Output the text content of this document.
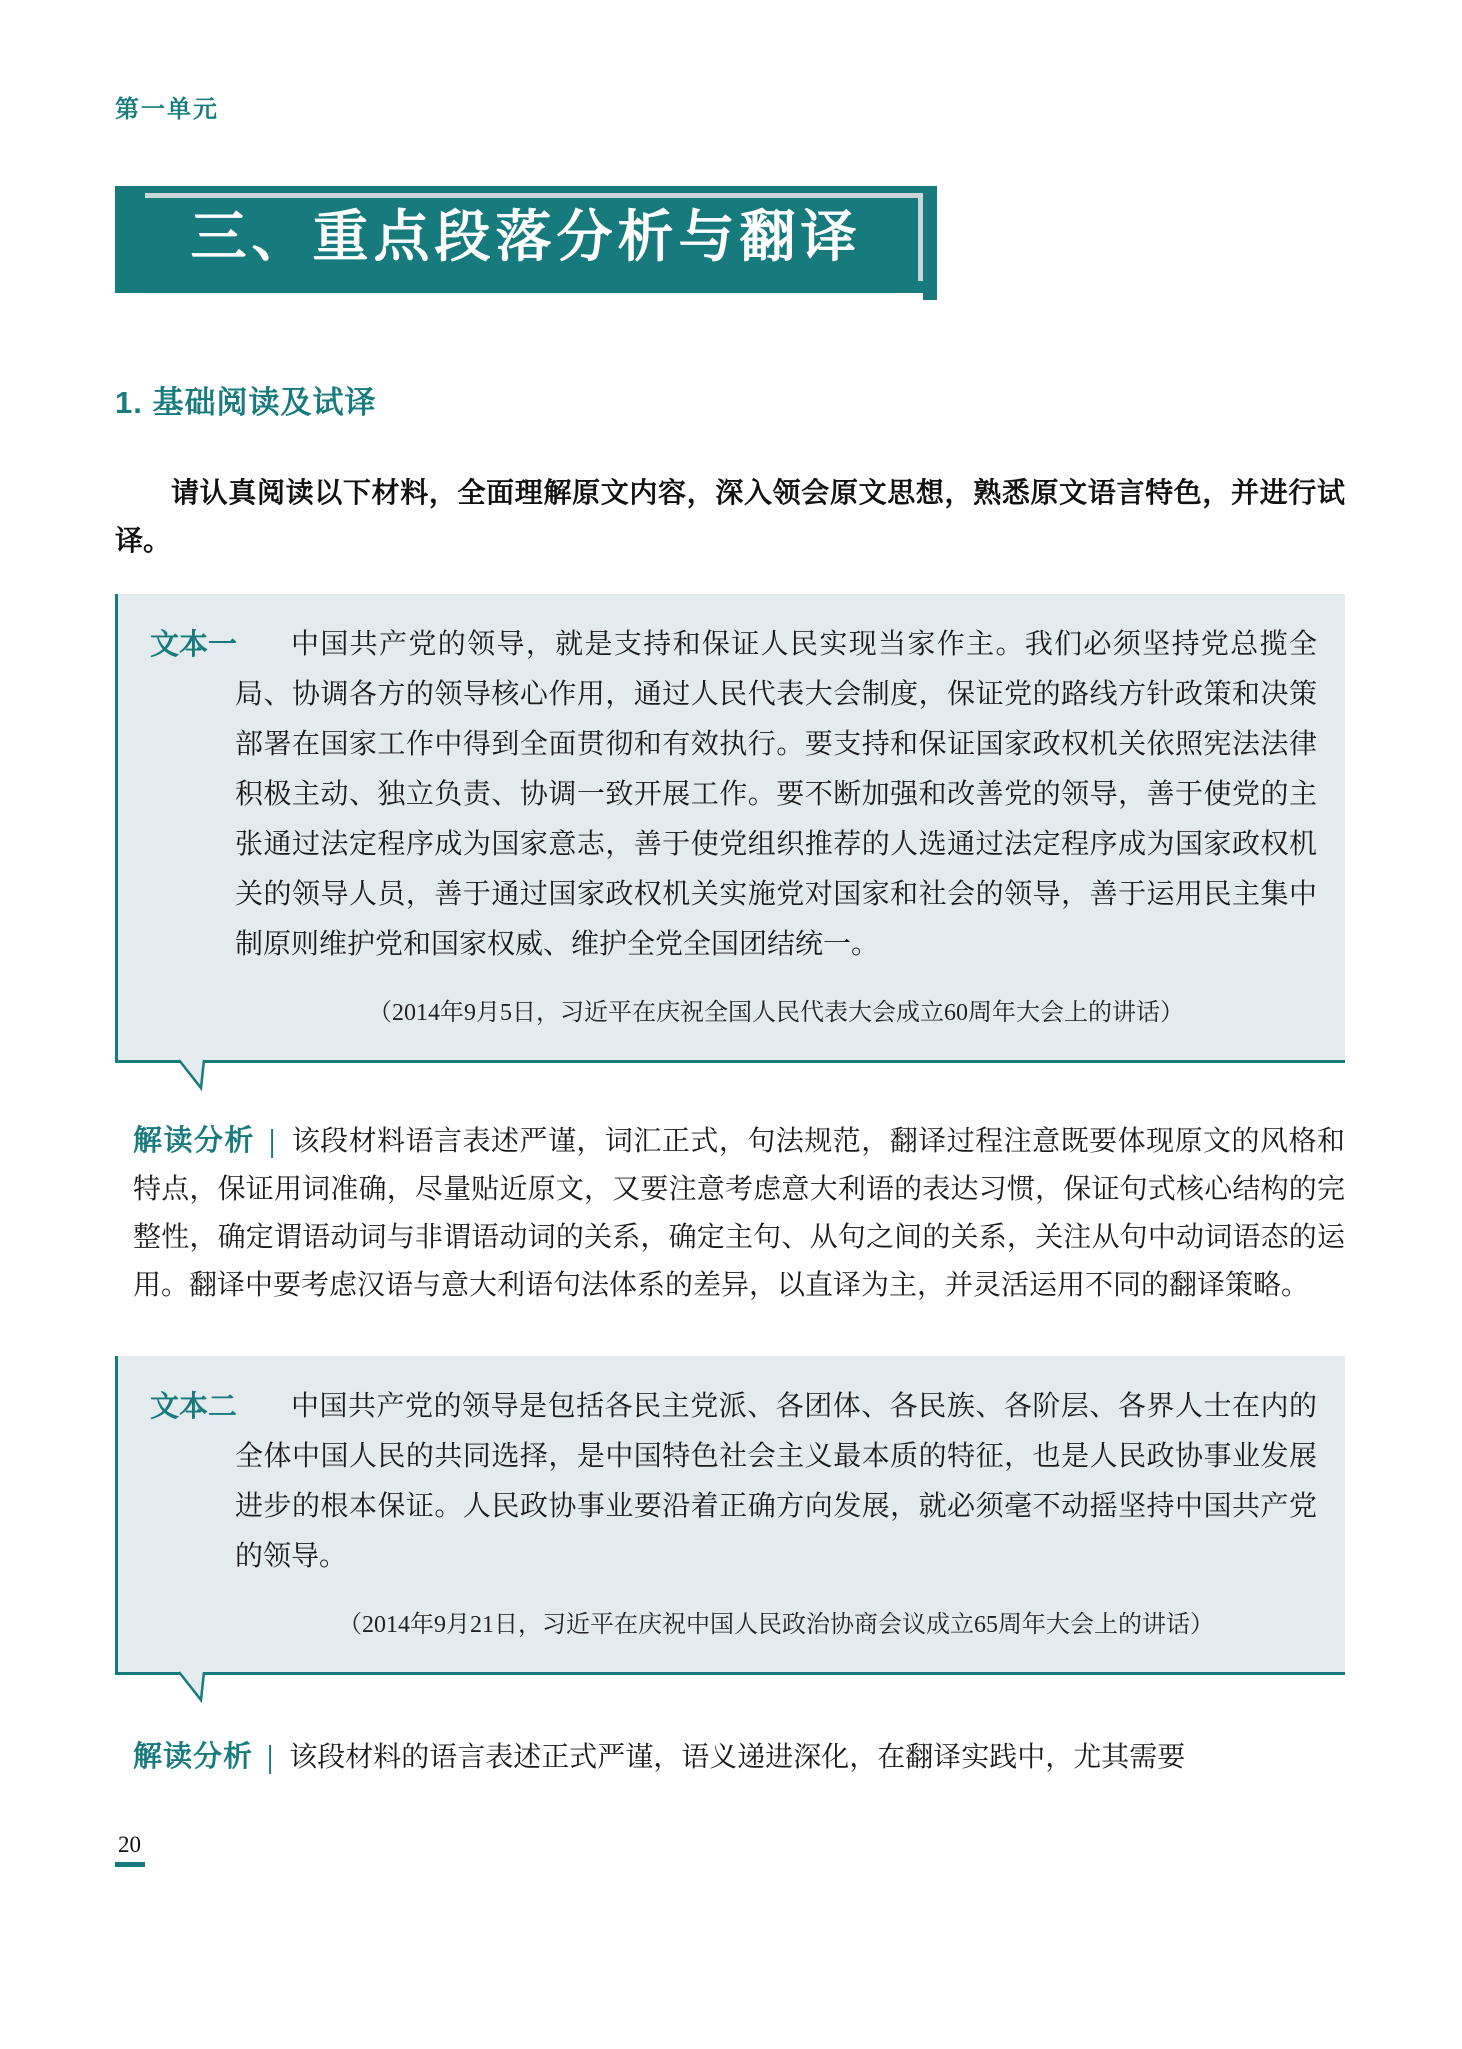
第一单元
三、重点段落分析与翻译
1. 基础阅读及试译

请认真阅读以下材料，全面理解原文内容，深入领会原文思想，熟悉原文语言特色，并进行试译。

文本一	中国共产党的领导，就是支持和保证人民实现当家作主。我们必须坚持党总揽全局、协调各方的领导核心作用，通过人民代表大会制度，保证党的路线方针政策和决策部署在国家工作中得到全面贯彻和有效执行。要支持和保证国家政权机关依照宪法法律积极主动、独立负责、协调一致开展工作。要不断加强和改善党的领导，善于使党的主张通过法定程序成为国家意志，善于使党组织推荐的人选通过法定程序成为国家政权机关的领导人员，善于通过国家政权机关实施党对国家和社会的领导，善于运用民主集中制原则维护党和国家权威、维护全党全国团结统一。

（2014年9月5日，习近平在庆祝全国人民代表大会成立60周年大会上的讲话）

解读分析 | 该段材料语言表述严谨，词汇正式，句法规范，翻译过程注意既要体现原文的风格和特点，保证用词准确，尽量贴近原文，又要注意考虑意大利语的表达习惯，保证句式核心结构的完整性，确定谓语动词与非谓语动词的关系，确定主句、从句之间的关系，关注从句中动词语态的运用。翻译中要考虑汉语与意大利语句法体系的差异，以直译为主，并灵活运用不同的翻译策略。

文本二	中国共产党的领导是包括各民主党派、各团体、各民族、各阶层、各界人士在内的全体中国人民的共同选择，是中国特色社会主义最本质的特征，也是人民政协事业发展进步的根本保证。人民政协事业要沿着正确方向发展，就必须毫不动摇坚持中国共产党的领导。

（2014年9月21日，习近平在庆祝中国人民政治协商会议成立65周年大会上的讲话）

解读分析 | 该段材料的语言表述正式严谨，语义递进深化，在翻译实践中，尤其需要

20
